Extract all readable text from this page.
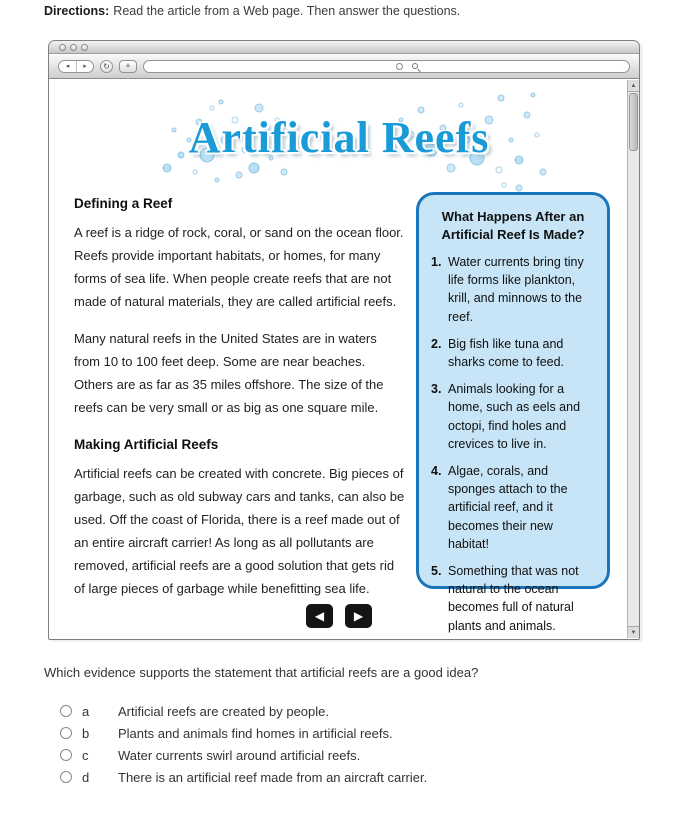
Directions: Read the article from a Web page. Then answer the questions.
◂	▸	↻	+
Artificial Reefs
Defining a Reef

A reef is a ridge of rock, coral, or sand on the ocean floor. Reefs provide important habitats, or homes, for many forms of sea life. When people create reefs that are not made of natural materials, they are called artificial reefs.

Many natural reefs in the United States are in waters from 10 to 100 feet deep. Some are near beaches. Others are as far as 35 miles offshore. The size of the reefs can be very small or as big as one square mile.

Making Artificial Reefs

Artificial reefs can be created with concrete. Big pieces of garbage, such as old subway cars and tanks, can also be used. Off the coast of Florida, there is a reef made out of an entire aircraft carrier! As long as all pollutants are removed, artificial reefs are a good solution that gets rid of large pieces of garbage while benefitting sea life.

What Happens After an Artificial Reef Is Made?
1. Water currents bring tiny life forms like plankton, krill, and minnows to the reef.
2. Big fish like tuna and sharks come to feed.
3. Animals looking for a home, such as eels and octopi, find holes and crevices to live in.
4. Algae, corals, and sponges attach to the artificial reef, and it becomes their new habitat!
5. Something that was not natural to the ocean becomes full of natural plants and animals.
◀	▶
▲
▼
Which evidence supports the statement that artificial reefs are a good idea?
a	Artificial reefs are created by people.
b	Plants and animals find homes in artificial reefs.
c	Water currents swirl around artificial reefs.
d	There is an artificial reef made from an aircraft carrier.
